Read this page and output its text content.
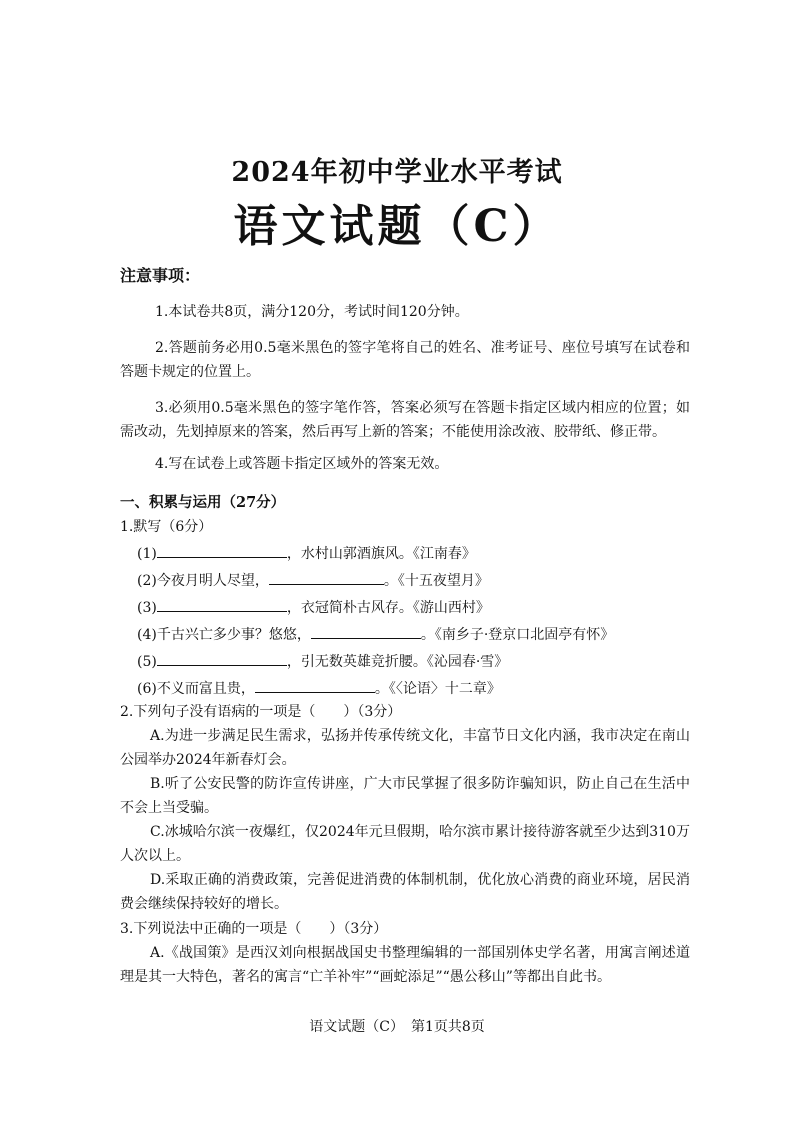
2024年初中学业水平考试
语文试题（C）
注意事项：
1.本试卷共8页，满分120分，考试时间120分钟。
2.答题前务必用0.5毫米黑色的签字笔将自己的姓名、准考证号、座位号填写在试卷和答题卡规定的位置上。
3.必须用0.5毫米黑色的签字笔作答，答案必须写在答题卡指定区域内相应的位置；如需改动，先划掉原来的答案，然后再写上新的答案；不能使用涂改液、胶带纸、修正带。
4.写在试卷上或答题卡指定区域外的答案无效。
一、积累与运用（27分）
1.默写（6分）
(1)	，水村山郭酒旗风。《江南春》
(2)今夜月明人尽望，	。《十五夜望月》
(3)	，衣冠简朴古风存。《游山西村》
(4)千古兴亡多少事？悠悠，	。《南乡子·登京口北固亭有怀》
(5)	，引无数英雄竞折腰。《沁园春·雪》
(6)不义而富且贵，	。《〈论语〉十二章》
2.下列句子没有语病的一项是（　　）（3分）
A.为进一步满足民生需求，弘扬并传承传统文化，丰富节日文化内涵，我市决定在南山公园举办2024年新春灯会。
B.听了公安民警的防诈宣传讲座，广大市民掌握了很多防诈骗知识，防止自己在生活中不会上当受骗。
C.冰城哈尔滨一夜爆红，仅2024年元旦假期，哈尔滨市累计接待游客就至少达到310万人次以上。
D.采取正确的消费政策，完善促进消费的体制机制，优化放心消费的商业环境，居民消费会继续保持较好的增长。
3.下列说法中正确的一项是（　　）（3分）
A.《战国策》是西汉刘向根据战国史书整理编辑的一部国别体史学名著，用寓言阐述道理是其一大特色，著名的寓言“亡羊补牢”“画蛇添足”“愚公移山”等都出自此书。
语文试题（C）　第1页共8页
